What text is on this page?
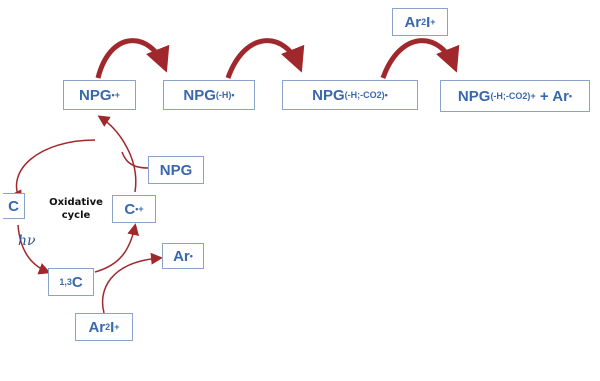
NPG •+	NPG (-H) •	NPG (-H;-CO2) •	NPG (-H;-CO2) + + Ar •
Ar 2 I +
NPG
C	C •+
Ar •
1,3 C
Ar 2 I +
Oxidative
cycle
hν
